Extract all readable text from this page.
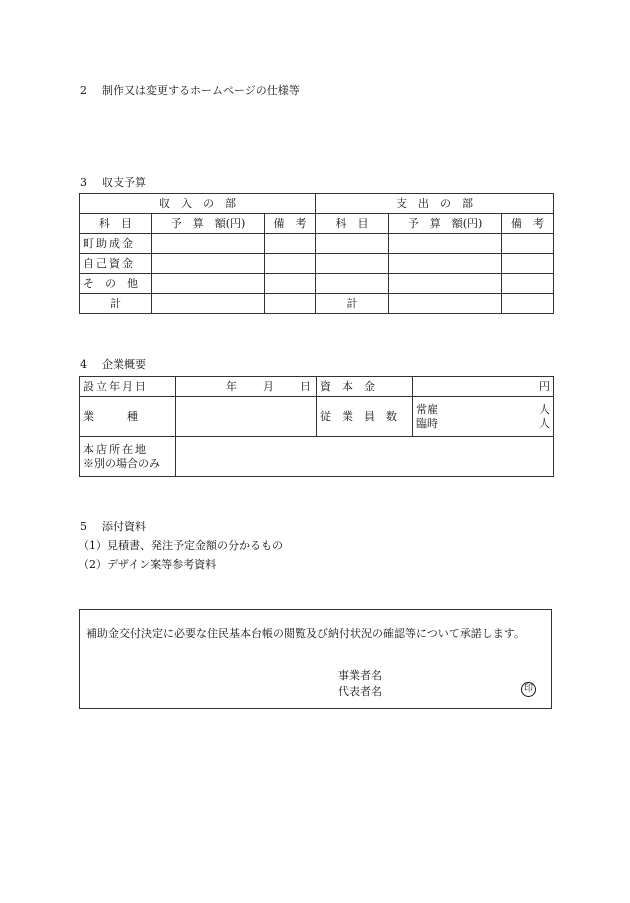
2 制作又は変更するホームページの仕様等
3 収支予算
収　入　の　部			支　出　の　部		
科　目	予　算　額(円)	備　考	科　目	予　算　額(円)	備　考
町助成金					
自己資金					
そ　の　他					
計			計		
4 企業概要
設立年月日	年 月 日	資　本　金	円
業　　　種		従　業　員　数	常雇 人
臨時 人

本店所在地
※別の場合のみ			

5 添付資料
（1）見積書、発注予定金額の分かるもの
（2）デザイン案等参考資料
補助金交付決定に必要な住民基本台帳の閲覧及び納付状況の確認等について承諾します。
事業者名
代表者名	印
